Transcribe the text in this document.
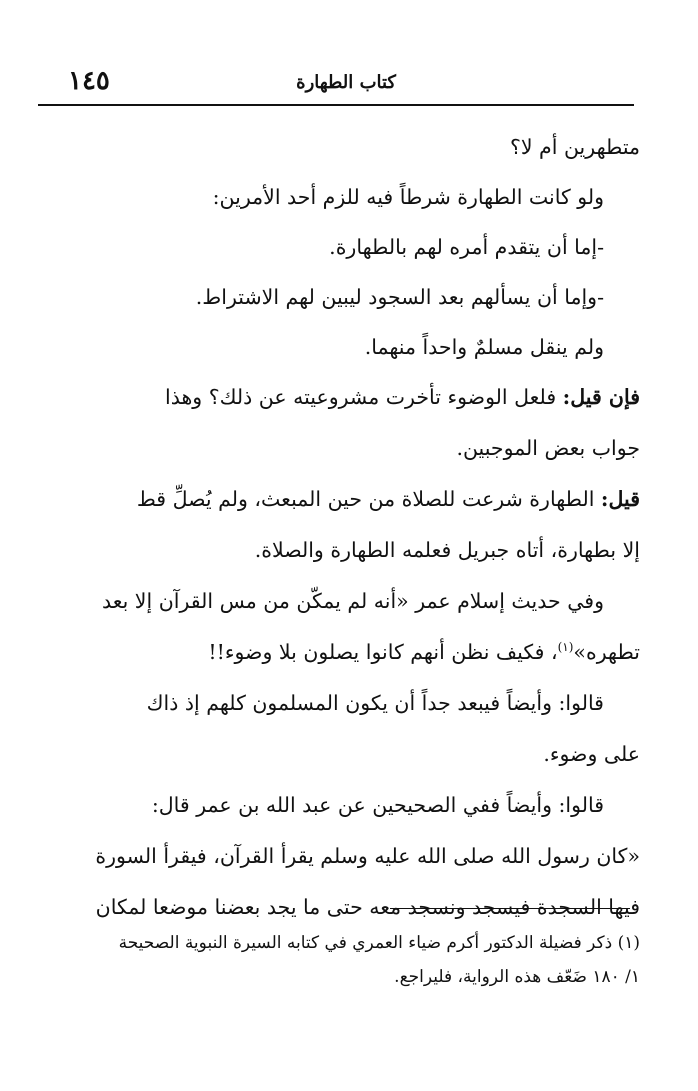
١٤٥	كتاب الطهارة
متطهرين أم لا؟
ولو كانت الطهارة شرطاً فيه للزم أحد الأمرين:
-إما أن يتقدم أمره لهم بالطهارة.
-وإما أن يسألهم بعد السجود ليبين لهم الاشتراط.
ولم ينقل مسلمٌ واحداً منهما.
فإن قيل: فلعل الوضوء تأخرت مشروعيته عن ذلك؟ وهذا
جواب بعض الموجبين.
قيل: الطهارة شرعت للصلاة من حين المبعث، ولم يُصلِّ قط
إلا بطهارة، أتاه جبريل فعلمه الطهارة والصلاة.
وفي حديث إسلام عمر «أنه لم يمكّن من مس القرآن إلا بعد
تطهره»$^{(١)}$، فكيف نظن أنهم كانوا يصلون بلا وضوء!!
قالوا: وأيضاً فيبعد جداً أن يكون المسلمون كلهم إذ ذاك
على وضوء.
قالوا: وأيضاً ففي الصحيحين عن عبد الله بن عمر قال:
«كان رسول الله صلى الله عليه وسلم يقرأ القرآن، فيقرأ السورة
فيها السجدة فيسجد ونسجد معه حتى ما يجد بعضنا موضعا لمكان
(١) ذكر فضيلة الدكتور أكرم ضياء العمري في كتابه السيرة النبوية الصحيحة
١/ ١٨٠ ضَعّف هذه الرواية، فليراجع.
